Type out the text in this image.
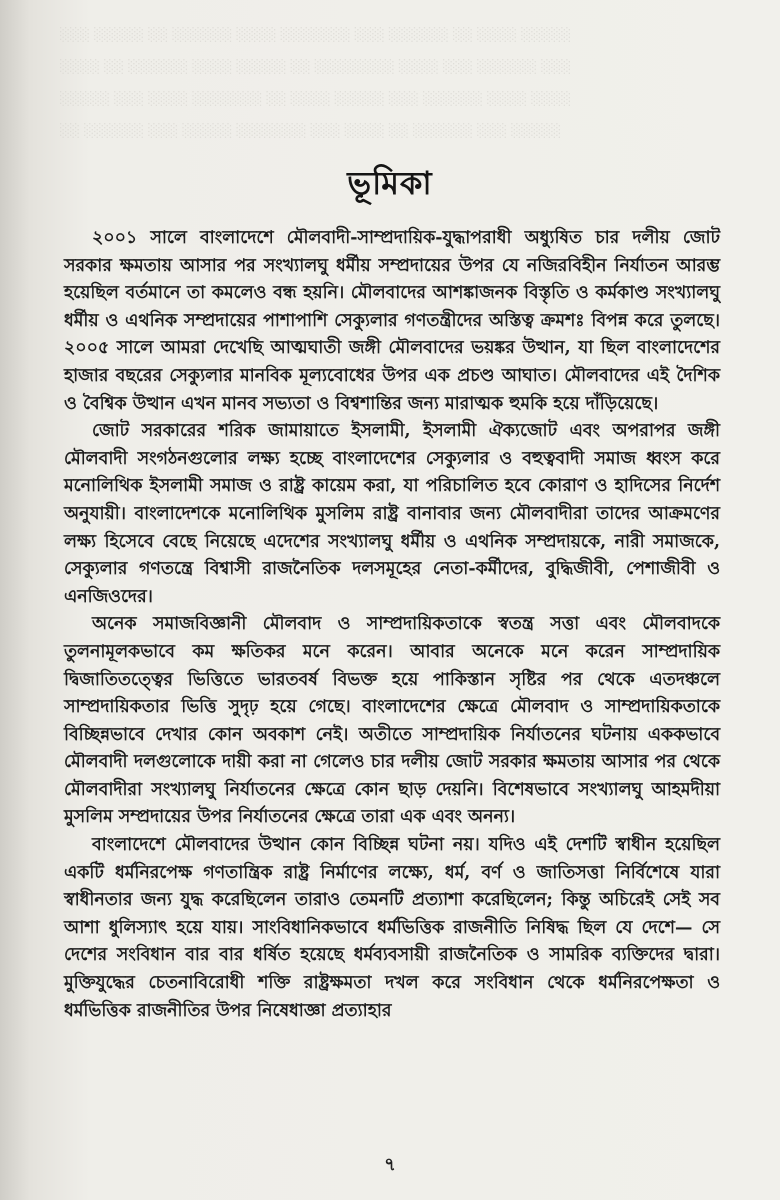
░░░ ░░░░░ ░░ ░░░░░░ ░░░░ ░░░░░░░ ░░░ ░░░░░░ ░░ ░░░░ ░░░░░
░░░░ ░░ ░░░░░░ ░░░░ ░░░░░ ░░ ░░░░░░░░ ░░░░ ░░░ ░░░░░░ ░░░
░░░░░ ░░░ ░░░░ ░░░░░░░ ░░ ░░░░ ░░░░░ ░░░ ░░░░░░ ░░░░ ░░░░
░░ ░░░░░░ ░░░ ░░░░░ ░░░░░░░ ░░░ ░░░░ ░░ ░░░░░░ ░░░ ░░░░░
ভূমিকা

২০০১ সালে বাংলাদেশে মৌলবাদী-সাম্প্রদায়িক-যুদ্ধাপরাধী অধ্যুষিত চার দলীয় জোট সরকার ক্ষমতায় আসার পর সংখ্যালঘু ধর্মীয় সম্প্রদায়ের উপর যে নজিরবিহীন নির্যাতন আরম্ভ হয়েছিল বর্তমানে তা কমলেও বন্ধ হয়নি। মৌলবাদের আশঙ্কাজনক বিস্তৃতি ও কর্মকাণ্ড সংখ্যালঘু ধর্মীয় ও এথনিক সম্প্রদায়ের পাশাপাশি সেক্যুলার গণতন্ত্রীদের অস্তিত্ব ক্রমশঃ বিপন্ন করে তুলছে। ২০০৫ সালে আমরা দেখেছি আত্মঘাতী জঙ্গী মৌলবাদের ভয়ঙ্কর উত্থান, যা ছিল বাংলাদেশের হাজার বছরের সেক্যুলার মানবিক মূল্যবোধের উপর এক প্রচণ্ড আঘাত। মৌলবাদের এই দৈশিক ও বৈশ্বিক উত্থান এখন মানব সভ্যতা ও বিশ্বশান্তির জন্য মারাত্মক হুমকি হয়ে দাঁড়িয়েছে।

জোট সরকারের শরিক জামায়াতে ইসলামী, ইসলামী ঐক্যজোট এবং অপরাপর জঙ্গী মৌলবাদী সংগঠনগুলোর লক্ষ্য হচ্ছে বাংলাদেশের সেক্যুলার ও বহুত্ববাদী সমাজ ধ্বংস করে মনোলিথিক ইসলামী সমাজ ও রাষ্ট্র কায়েম করা, যা পরিচালিত হবে কোরাণ ও হাদিসের নির্দেশ অনুযায়ী। বাংলাদেশকে মনোলিথিক মুসলিম রাষ্ট্র বানাবার জন্য মৌলবাদীরা তাদের আক্রমণের লক্ষ্য হিসেবে বেছে নিয়েছে এদেশের সংখ্যালঘু ধর্মীয় ও এথনিক সম্প্রদায়কে, নারী সমাজকে, সেক্যুলার গণতন্ত্রে বিশ্বাসী রাজনৈতিক দলসমূহের নেতা-কর্মীদের, বুদ্ধিজীবী, পেশাজীবী ও এনজিওদের।

অনেক সমাজবিজ্ঞানী মৌলবাদ ও সাম্প্রদায়িকতাকে স্বতন্ত্র সত্তা এবং মৌলবাদকে তুলনামূলকভাবে কম ক্ষতিকর মনে করেন। আবার অনেকে মনে করেন সাম্প্রদায়িক দ্বিজাতিতত্ত্বের ভিত্তিতে ভারতবর্ষ বিভক্ত হয়ে পাকিস্তান সৃষ্টির পর থেকে এতদঞ্চলে সাম্প্রদায়িকতার ভিত্তি সুদৃঢ় হয়ে গেছে। বাংলাদেশের ক্ষেত্রে মৌলবাদ ও সাম্প্রদায়িকতাকে বিচ্ছিন্নভাবে দেখার কোন অবকাশ নেই। অতীতে সাম্প্রদায়িক নির্যাতনের ঘটনায় এককভাবে মৌলবাদী দলগুলোকে দায়ী করা না গেলেও চার দলীয় জোট সরকার ক্ষমতায় আসার পর থেকে মৌলবাদীরা সংখ্যালঘু নির্যাতনের ক্ষেত্রে কোন ছাড় দেয়নি। বিশেষভাবে সংখ্যালঘু আহমদীয়া মুসলিম সম্প্রদায়ের উপর নির্যাতনের ক্ষেত্রে তারা এক এবং অনন্য।

বাংলাদেশে মৌলবাদের উত্থান কোন বিচ্ছিন্ন ঘটনা নয়। যদিও এই দেশটি স্বাধীন হয়েছিল একটি ধর্মনিরপেক্ষ গণতান্ত্রিক রাষ্ট্র নির্মাণের লক্ষ্যে, ধর্ম, বর্ণ ও জাতিসত্তা নির্বিশেষে যারা স্বাধীনতার জন্য যুদ্ধ করেছিলেন তারাও তেমনটি প্রত্যাশা করেছিলেন; কিন্তু অচিরেই সেই সব আশা ধুলিস্যাৎ হয়ে যায়। সাংবিধানিকভাবে ধর্মভিত্তিক রাজনীতি নিষিদ্ধ ছিল যে দেশে— সে দেশের সংবিধান বার বার ধর্ষিত হয়েছে ধর্মব্যবসায়ী রাজনৈতিক ও সামরিক ব্যক্তিদের দ্বারা। মুক্তিযুদ্ধের চেতনাবিরোধী শক্তি রাষ্ট্রক্ষমতা দখল করে সংবিধান থেকে ধর্মনিরপেক্ষতা ও ধর্মভিত্তিক রাজনীতির উপর নিষেধাজ্ঞা প্রত্যাহার

৭
